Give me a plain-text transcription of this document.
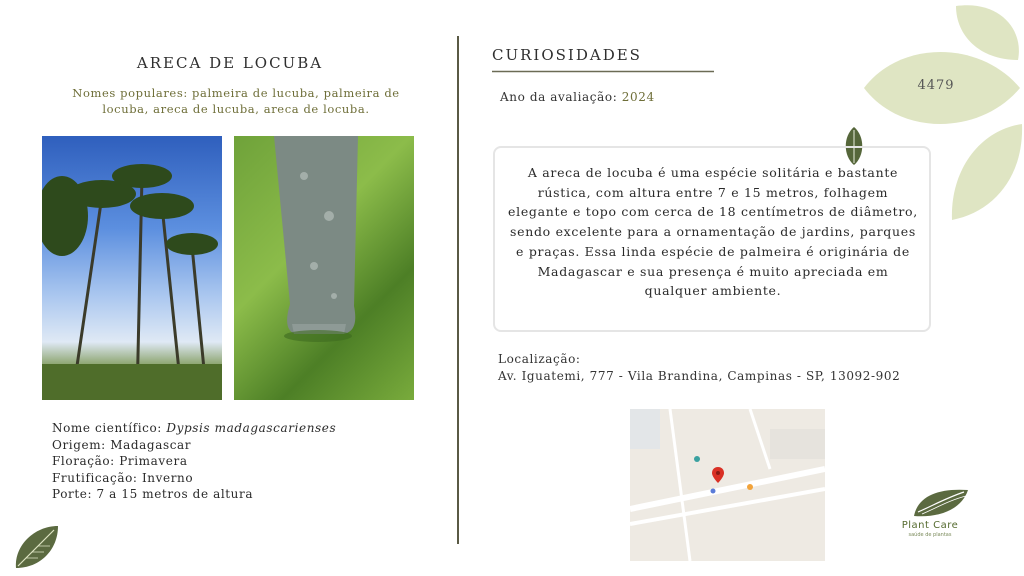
4479
ARECA DE LOCUBA
Nomes populares: palmeira de lucuba, palmeira de locuba, areca de lucuba, areca de locuba.
Nome científico: Dypsis madagascarienses
Origem: Madagascar
Floração: Primavera
Frutificação: Inverno
Porte: 7 a 15 metros de altura
CURIOSIDADES
Ano da avaliação: 2024
A areca de locuba é uma espécie solitária e bastante rústica, com altura entre 7 e 15 metros, folhagem elegante e topo com cerca de 18 centímetros de diâmetro, sendo excelente para a ornamentação de jardins, parques e praças. Essa linda espécie de palmeira é originária de Madagascar e sua presença é muito apreciada em qualquer ambiente.
Localização:
Av. Iguatemi, 777 - Vila Brandina, Campinas - SP, 13092-902
Plant Care
saúde de plantas
